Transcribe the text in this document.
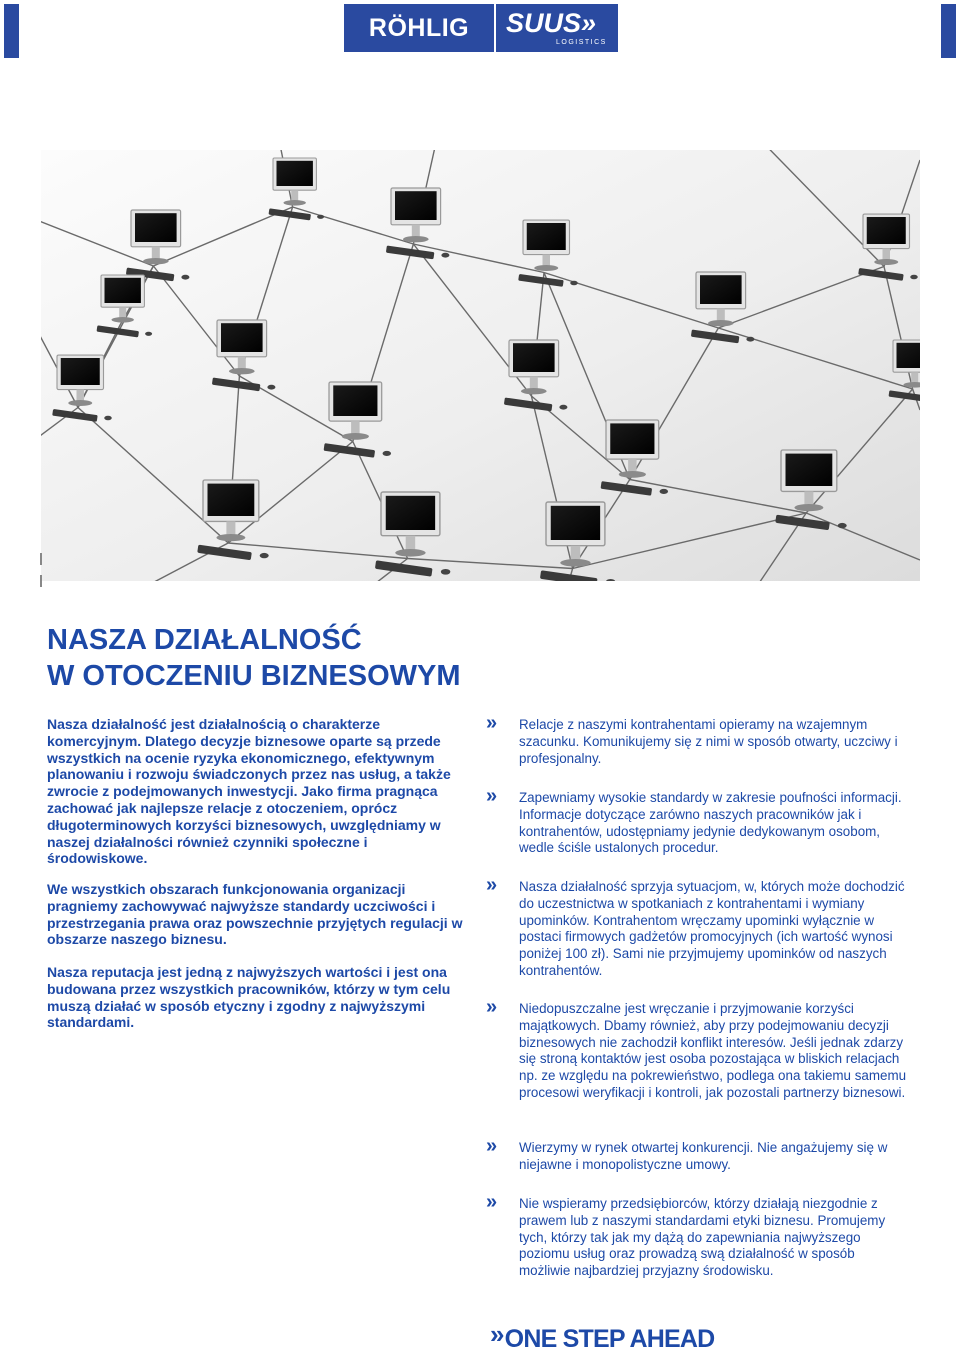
RÖHLIG	SUUS»
LOGISTICS
NASZA DZIAŁALNOŚĆ
W OTOCZENIU BIZNESOWYM

Nasza działalność jest działalnością o charakterze komercyjnym. Dlatego decyzje biznesowe oparte są przede wszystkich na ocenie ryzyka ekonomicznego, efektywnym planowaniu i rozwoju świadczonych przez nas usług, a także zwrocie z podejmowanych inwestycji. Jako firma pragnąca zachować jak najlepsze relacje z otoczeniem, oprócz długoterminowych korzyści biznesowych, uwzględniamy w naszej działalności również czynniki społeczne i środowiskowe.

We wszystkich obszarach funkcjonowania organizacji pragniemy zachowywać najwyższe standardy uczciwości i przestrzegania prawa oraz powszechnie przyjętych regulacji w obszarze naszego biznesu.

Nasza reputacja jest jedną z najwyższych wartości i jest ona budowana przez wszystkich pracowników, którzy w tym celu muszą działać w sposób etyczny i zgodny z najwyższymi standardami.

» Relacje z naszymi kontrahentami opieramy na wzajemnym szacunku. Komunikujemy się z nimi w sposób otwarty, uczciwy i profesjonalny.

» Zapewniamy wysokie standardy w zakresie poufności informacji. Informacje dotyczące zarówno naszych pracowników jak i kontrahentów, udostępniamy jedynie dedykowanym osobom, wedle ściśle ustalonych procedur.

» Nasza działalność sprzyja sytuacjom, w, których może dochodzić do uczestnictwa w spotkaniach z kontrahentami i wymiany upominków. Kontrahentom wręczamy upominki wyłącznie w postaci firmowych gadżetów promocyjnych (ich wartość wynosi poniżej 100 zł). Sami nie przyjmujemy upominków od naszych kontrahentów.

» Niedopuszczalne jest wręczanie i przyjmowanie korzyści majątkowych. Dbamy również, aby przy podejmowaniu decyzji biznesowych nie zachodził konflikt interesów. Jeśli jednak zdarzy się stroną kontaktów jest osoba pozostająca w bliskich relacjach np. ze względu na pokrewieństwo, podlega ona takiemu samemu procesowi weryfikacji i kontroli, jak pozostali partnerzy biznesowi.

» Wierzymy w rynek otwartej konkurencji. Nie angażujemy się w niejawne i monopolistyczne umowy.

» Nie wspieramy przedsiębiorców, którzy działają niezgodnie z prawem lub z naszymi standardami etyki biznesu. Promujemy tych, którzy tak jak my dążą do zapewniania najwyższego poziomu usług oraz prowadzą swą działalność w sposób możliwie najbardziej przyjazny środowisku.

»ONE STEP AHEAD
